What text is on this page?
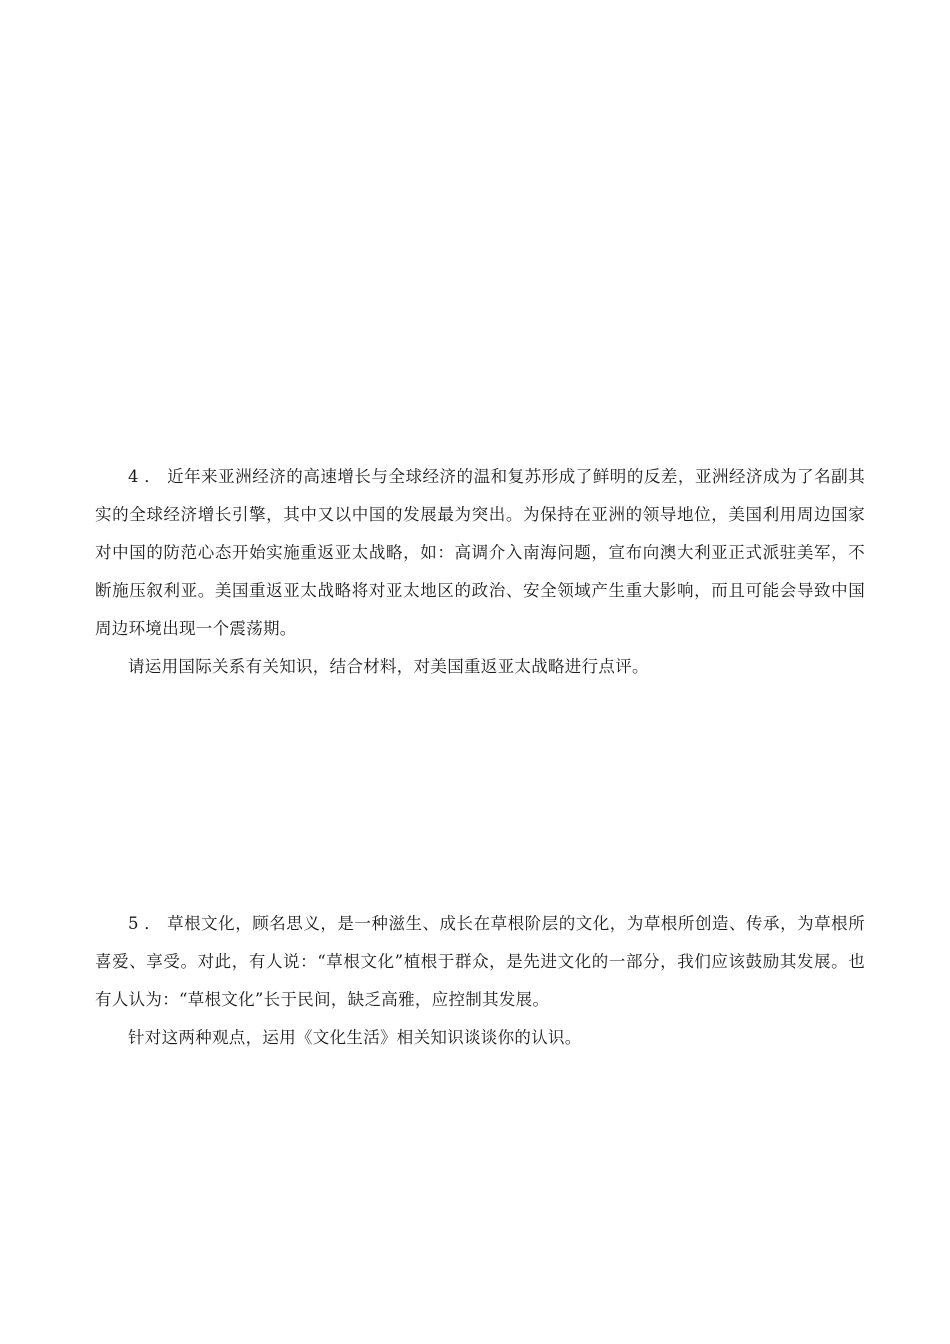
4 ． 近年来亚洲经济的高速增长与全球经济的温和复苏形成了鲜明的反差，亚洲经济成为了名副其实的全球经济增长引擎，其中又以中国的发展最为突出。为保持在亚洲的领导地位，美国利用周边国家对中国的防范心态开始实施重返亚太战略，如：高调介入南海问题，宣布向澳大利亚正式派驻美军，不断施压叙利亚。美国重返亚太战略将对亚太地区的政治、安全领域产生重大影响，而且可能会导致中国周边环境出现一个震荡期。

请运用国际关系有关知识，结合材料，对美国重返亚太战略进行点评。

5 ． 草根文化，顾名思义，是一种滋生、成长在草根阶层的文化，为草根所创造、传承，为草根所喜爱、享受。对此，有人说：“草根文化”植根于群众，是先进文化的一部分，我们应该鼓励其发展。也有人认为：“草根文化”长于民间，缺乏高雅，应控制其发展。

针对这两种观点，运用《文化生活》相关知识谈谈你的认识。
